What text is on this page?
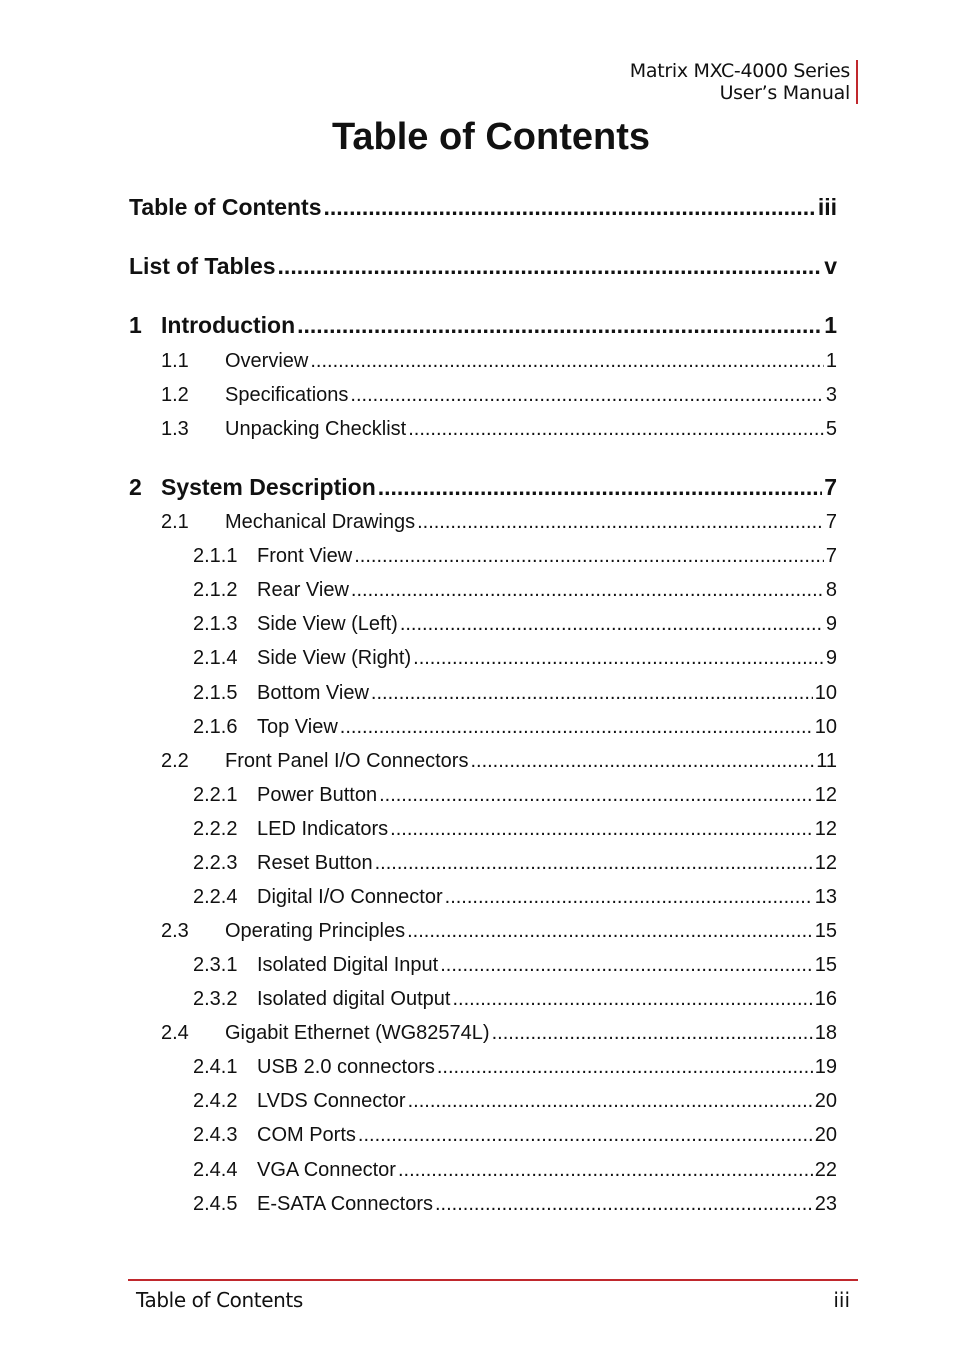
Matrix MXC-4000 Series
User’s Manual
Table of Contents
Table of Contents .....	iii
List of Tables .....	v
1 Introduction .....	1
1.1	Overview .....	1
1.2	Specifications .....	3
1.3	Unpacking Checklist .....	5
2 System Description .....	7
2.1	Mechanical Drawings .....	7
2.1.1 Front View .....	7
2.1.2 Rear View .....	8
2.1.3 Side View (Left) .....	9
2.1.4 Side View (Right) .....	9
2.1.5 Bottom View .....	10
2.1.6 Top View .....	10
2.2	Front Panel I/O Connectors .....	11
2.2.1 Power Button .....	12
2.2.2 LED Indicators .....	12
2.2.3 Reset Button .....	12
2.2.4 Digital I/O Connector .....	13
2.3	Operating Principles .....	15
2.3.1 Isolated Digital Input .....	15
2.3.2 Isolated digital Output .....	16
2.4	Gigabit Ethernet (WG82574L) .....	18
2.4.1 USB 2.0 connectors .....	19
2.4.2 LVDS Connector .....	20
2.4.3 COM Ports .....	20
2.4.4 VGA Connector .....	22
2.4.5 E-SATA Connectors .....	23
Table of Contents	iii
